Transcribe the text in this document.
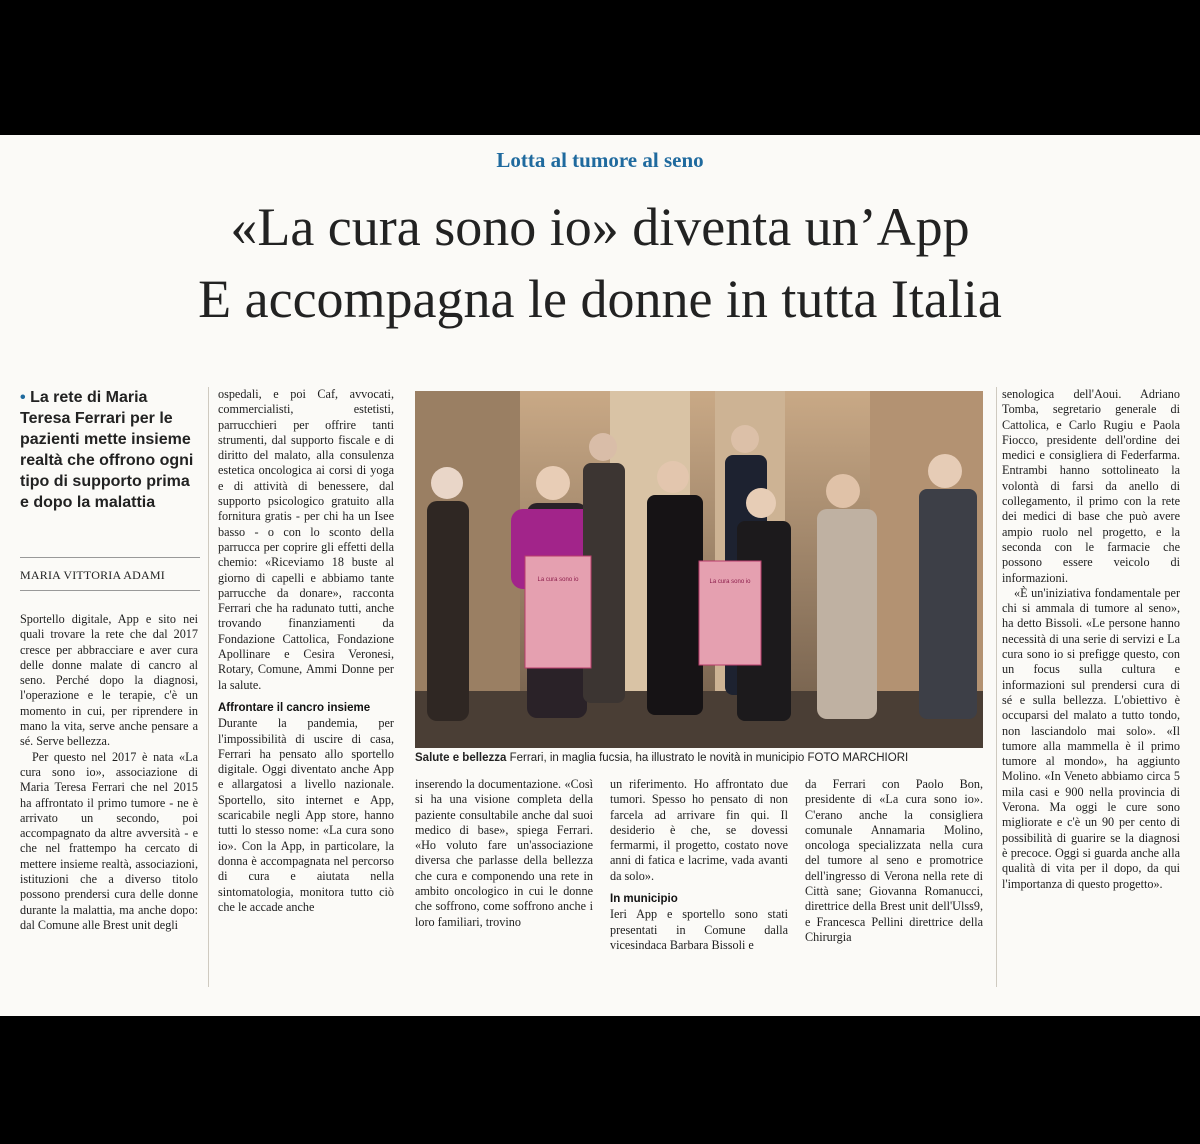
Lotta al tumore al seno
«La cura sono io» diventa un’App
E accompagna le donne in tutta Italia
• La rete di Maria Teresa Ferrari per le pazienti mette insieme realtà che offrono ogni tipo di supporto prima e dopo la malattia
MARIA VITTORIA ADAMI

Sportello digitale, App e sito nei quali trovare la rete che dal 2017 cresce per abbracciare e aver cura delle donne malate di cancro al seno. Perché dopo la diagnosi, l'operazione e le terapie, c'è un momento in cui, per riprendere in mano la vita, serve anche pensare a sé. Serve bellezza.

Per questo nel 2017 è nata «La cura sono io», associazione di Maria Teresa Ferrari che nel 2015 ha affrontato il primo tumore - ne è arrivato un secondo, poi accompagnato da altre avversità - e che nel frattempo ha cercato di mettere insieme realtà, associazioni, istituzioni che a diverso titolo possono prendersi cura delle donne durante la malattia, ma anche dopo: dal Comune alle Brest unit degli

ospedali, e poi Caf, avvocati, commercialisti, estetisti, parrucchieri per offrire tanti strumenti, dal supporto fiscale e di diritto del malato, alla consulenza estetica oncologica ai corsi di yoga e di attività di benessere, dal supporto psicologico gratuito alla fornitura gratis - per chi ha un Isee basso - o con lo sconto della parrucca per coprire gli effetti della chemio: «Riceviamo 18 buste al giorno di capelli e abbiamo tante parrucche da donare», racconta Ferrari che ha radunato tutti, anche trovando finanziamenti da Fondazione Cattolica, Fondazione Apollinare e Cesira Veronesi, Rotary, Comune, Ammi Donne per la salute.

Affrontare il cancro insieme

Durante la pandemia, per l'impossibilità di uscire di casa, Ferrari ha pensato allo sportello digitale. Oggi diventato anche App e allargatosi a livello nazionale. Sportello, sito internet e App, scaricabile negli App store, hanno tutti lo stesso nome: «La cura sono io». Con la App, in particolare, la donna è accompagnata nel percorso di cura e aiutata nella sintomatologia, monitora tutto ciò che le accade anche

La cura sono io	La cura sono io
Salute e bellezza Ferrari, in maglia fucsia, ha illustrato le novità in municipio FOTO MARCHIORI

inserendo la documentazione. «Così si ha una visione completa della paziente consultabile anche dal suoi medico di base», spiega Ferrari. «Ho voluto fare un'associazione diversa che parlasse della bellezza che cura e componendo una rete in ambito oncologico in cui le donne che soffrono, come soffrono anche i loro familiari, trovino

un riferimento. Ho affrontato due tumori. Spesso ho pensato di non farcela ad arrivare fin qui. Il desiderio è che, se dovessi fermarmi, il progetto, costato nove anni di fatica e lacrime, vada avanti da solo».

In municipio

Ieri App e sportello sono stati presentati in Comune dalla vicesindaca Barbara Bissoli e

da Ferrari con Paolo Bon, presidente di «La cura sono io». C'erano anche la consigliera comunale Annamaria Molino, oncologa specializzata nella cura del tumore al seno e promotrice dell'ingresso di Verona nella rete di Città sane; Giovanna Romanucci, direttrice della Brest unit dell'Ulss9, e Francesca Pellini direttrice della Chirurgia

senologica dell'Aoui. Adriano Tomba, segretario generale di Cattolica, e Carlo Rugiu e Paola Fiocco, presidente dell'ordine dei medici e consigliera di Federfarma. Entrambi hanno sottolineato la volontà di farsi da anello di collegamento, il primo con la rete dei medici di base che può avere ampio ruolo nel progetto, e la seconda con le farmacie che possono essere veicolo di informazioni.

«È un'iniziativa fondamentale per chi si ammala di tumore al seno», ha detto Bissoli. «Le persone hanno necessità di una serie di servizi e La cura sono io si prefigge questo, con un focus sulla cultura e informazioni sul prendersi cura di sé e sulla bellezza. L'obiettivo è occuparsi del malato a tutto tondo, non lasciandolo mai solo». «Il tumore alla mammella è il primo tumore al mondo», ha aggiunto Molino. «In Veneto abbiamo circa 5 mila casi e 900 nella provincia di Verona. Ma oggi le cure sono migliorate e c'è un 90 per cento di possibilità di guarire se la diagnosi è precoce. Oggi si guarda anche alla qualità di vita per il dopo, da qui l'importanza di questo progetto».
